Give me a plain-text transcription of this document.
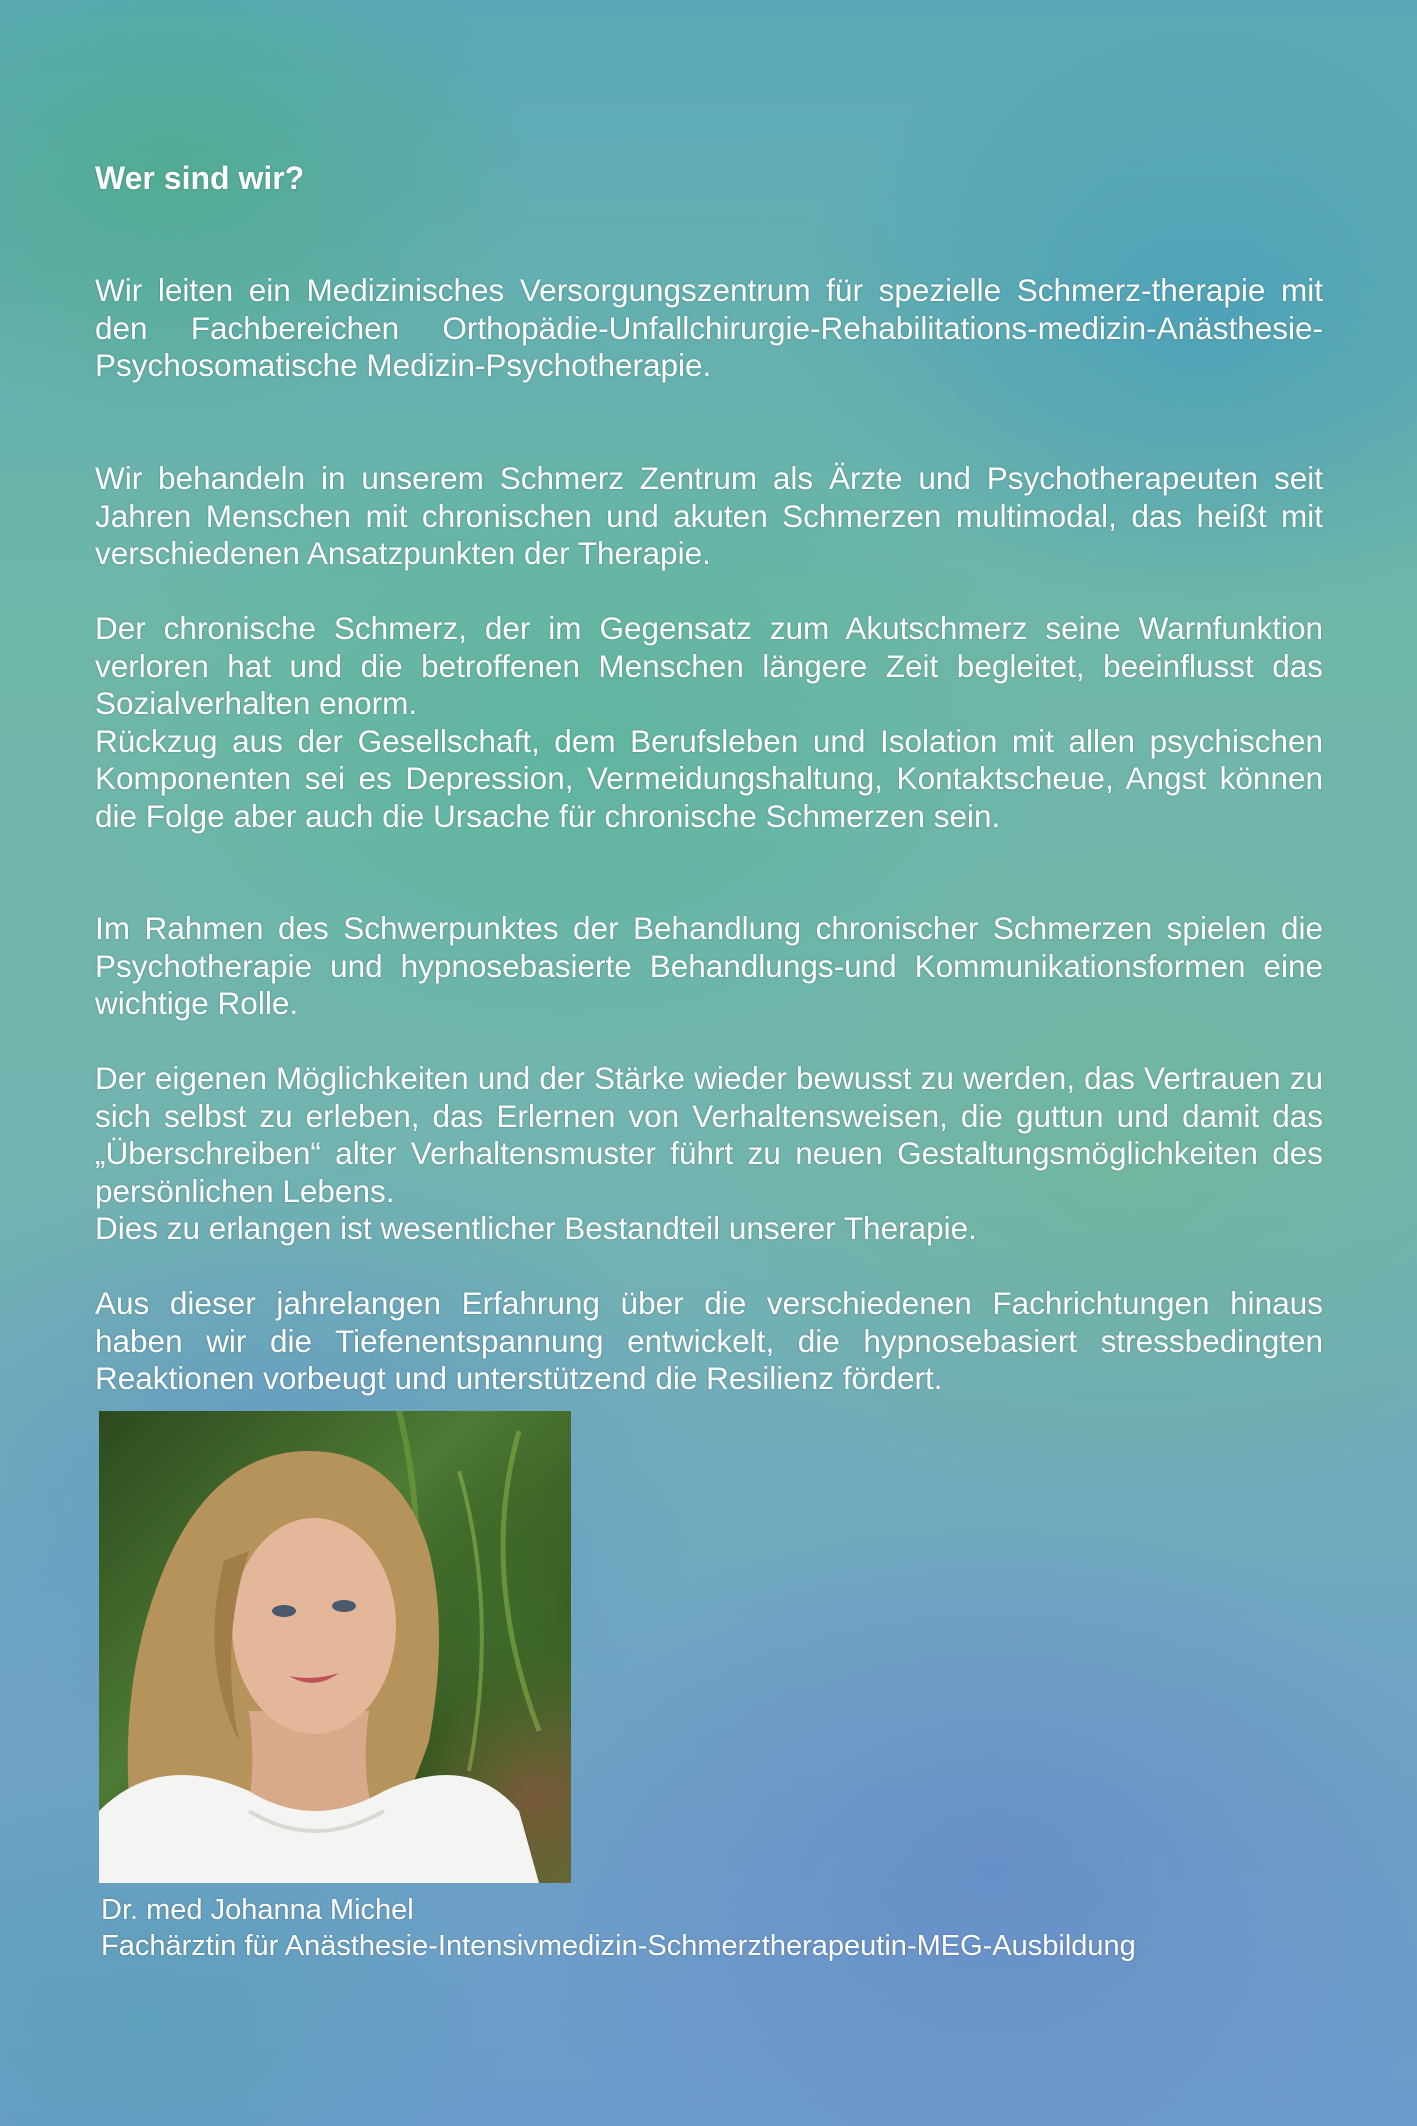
Wer sind wir?

Wir leiten ein Medizinisches Versorgungszentrum für spezielle Schmerz-therapie mit den Fachbereichen Orthopädie-Unfallchirurgie-Rehabilitations-medizin-Anästhesie-Psychosomatische Medizin-Psychotherapie.

Wir behandeln in unserem Schmerz Zentrum als Ärzte und Psychotherapeuten seit Jahren Menschen mit chronischen und akuten Schmerzen multimodal, das heißt mit verschiedenen Ansatzpunkten der Therapie.

Der chronische Schmerz, der im Gegensatz zum Akutschmerz seine Warnfunktion verloren hat und die betroffenen Menschen längere Zeit begleitet, beeinflusst das Sozialverhalten enorm.

Rückzug aus der Gesellschaft, dem Berufsleben und Isolation mit allen psychischen Komponenten sei es Depression, Vermeidungshaltung, Kontaktscheue, Angst können die Folge aber auch die Ursache für chronische Schmerzen sein.

Im Rahmen des Schwerpunktes der Behandlung chronischer Schmerzen spielen die Psychotherapie und hypnosebasierte Behandlungs-und Kommunikationsformen eine wichtige Rolle.

Der eigenen Möglichkeiten und der Stärke wieder bewusst zu werden, das Vertrauen zu sich selbst zu erleben, das Erlernen von Verhaltensweisen, die guttun und damit das „Überschreiben“ alter Verhaltensmuster führt zu neuen Gestaltungsmöglichkeiten des persönlichen Lebens.

Dies zu erlangen ist wesentlicher Bestandteil unserer Therapie.

Aus dieser jahrelangen Erfahrung über die verschiedenen Fachrichtungen hinaus haben wir die Tiefenentspannung entwickelt, die hypnosebasiert stressbedingten Reaktionen vorbeugt und unterstützend die Resilienz fördert.

Dr. med Johanna Michel
Fachärztin für Anästhesie-Intensivmedizin-Schmerztherapeutin-MEG-Ausbildung
